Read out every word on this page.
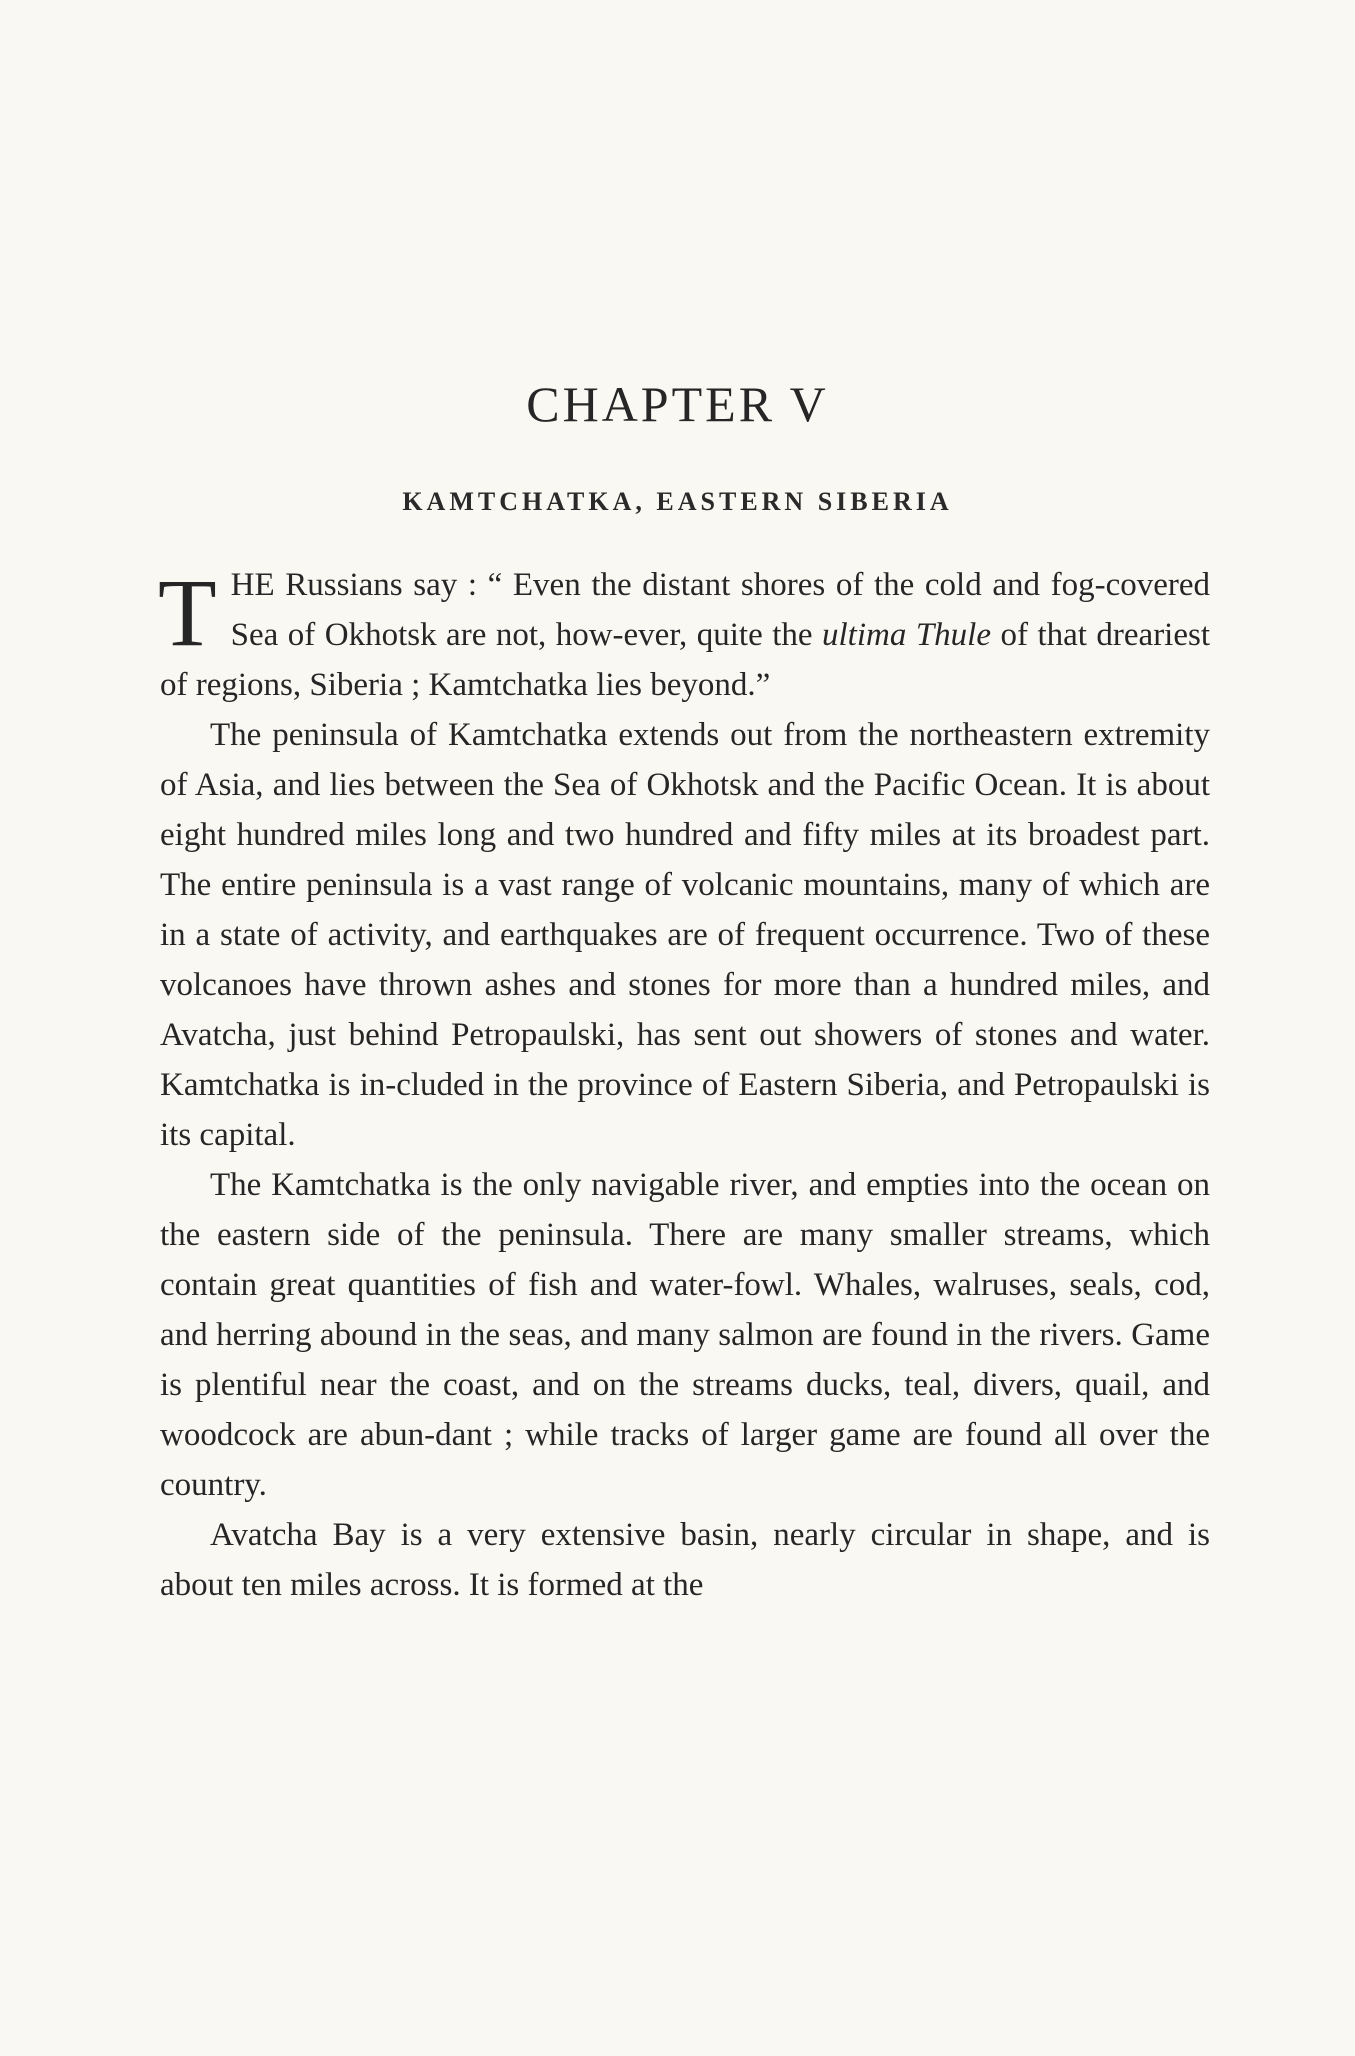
CHAPTER V
KAMTCHATKA, EASTERN SIBERIA

THE Russians say : “ Even the distant shores of the cold and fog-covered Sea of Okhotsk are not, how-ever, quite the ultima Thule of that dreariest of regions, Siberia ; Kamtchatka lies beyond.”

The peninsula of Kamtchatka extends out from the northeastern extremity of Asia, and lies between the Sea of Okhotsk and the Pacific Ocean. It is about eight hundred miles long and two hundred and fifty miles at its broadest part. The entire peninsula is a vast range of volcanic mountains, many of which are in a state of activity, and earthquakes are of frequent occurrence. Two of these volcanoes have thrown ashes and stones for more than a hundred miles, and Avatcha, just behind Petropaulski, has sent out showers of stones and water. Kamtchatka is in-cluded in the province of Eastern Siberia, and Petropaulski is its capital.

The Kamtchatka is the only navigable river, and empties into the ocean on the eastern side of the peninsula. There are many smaller streams, which contain great quantities of fish and water-fowl. Whales, walruses, seals, cod, and herring abound in the seas, and many salmon are found in the rivers. Game is plentiful near the coast, and on the streams ducks, teal, divers, quail, and woodcock are abun-dant ; while tracks of larger game are found all over the country.

Avatcha Bay is a very extensive basin, nearly circular in shape, and is about ten miles across. It is formed at the
